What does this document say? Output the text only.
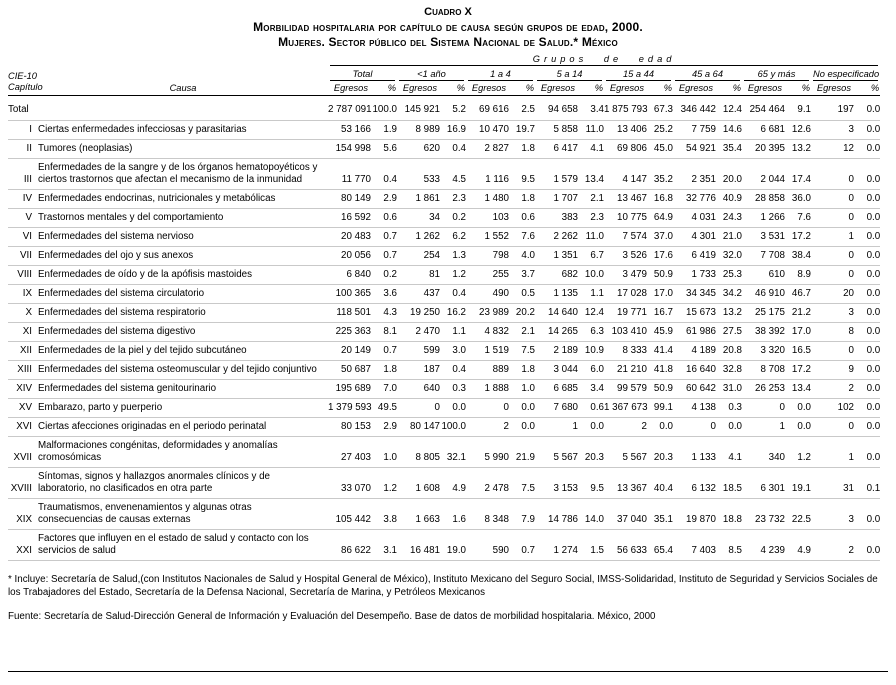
Cuadro X
Morbilidad hospitalaria por capítulo de causa según grupos de edad, 2000.
Mujeres. Sector público del Sistema Nacional de Salud.* México

		Grupos de edad															

CIE-10
Capítulo	Causa	Total		<1 año		1 a 4		5 a 14		15 a 44		45 a 64		65 y más		No especificado	

		Egresos	%	Egresos	%	Egresos	%	Egresos	%	Egresos	%	Egresos	%	Egresos	%	Egresos	%
Total		2 787 091	100.0	145 921	5.2	69 616	2.5	94 658	3.4	1 875 793	67.3	346 442	12.4	254 464	9.1	197	0.0
I	Ciertas enfermedades infecciosas y parasitarias	53 166	1.9	8 989	16.9	10 470	19.7	5 858	11.0	13 406	25.2	7 759	14.6	6 681	12.6	3	0.0
II	Tumores (neoplasias)	154 998	5.6	620	0.4	2 827	1.8	6 417	4.1	69 806	45.0	54 921	35.4	20 395	13.2	12	0.0
III	Enfermedades de la sangre y de los órganos hematopoyéticos y ciertos trastornos que afectan el mecanismo de la inmunidad	11 770	0.4	533	4.5	1 116	9.5	1 579	13.4	4 147	35.2	2 351	20.0	2 044	17.4	0	0.0
IV	Enfermedades endocrinas, nutricionales y metabólicas	80 149	2.9	1 861	2.3	1 480	1.8	1 707	2.1	13 467	16.8	32 776	40.9	28 858	36.0	0	0.0
V	Trastornos mentales y del comportamiento	16 592	0.6	34	0.2	103	0.6	383	2.3	10 775	64.9	4 031	24.3	1 266	7.6	0	0.0
VI	Enfermedades del sistema nervioso	20 483	0.7	1 262	6.2	1 552	7.6	2 262	11.0	7 574	37.0	4 301	21.0	3 531	17.2	1	0.0
VII	Enfermedades del ojo y sus anexos	20 056	0.7	254	1.3	798	4.0	1 351	6.7	3 526	17.6	6 419	32.0	7 708	38.4	0	0.0
VIII	Enfermedades de oído y de la apófisis mastoides	6 840	0.2	81	1.2	255	3.7	682	10.0	3 479	50.9	1 733	25.3	610	8.9	0	0.0
IX	Enfermedades del sistema circulatorio	100 365	3.6	437	0.4	490	0.5	1 135	1.1	17 028	17.0	34 345	34.2	46 910	46.7	20	0.0
X	Enfermedades del sistema respiratorio	118 501	4.3	19 250	16.2	23 989	20.2	14 640	12.4	19 771	16.7	15 673	13.2	25 175	21.2	3	0.0
XI	Enfermedades del sistema digestivo	225 363	8.1	2 470	1.1	4 832	2.1	14 265	6.3	103 410	45.9	61 986	27.5	38 392	17.0	8	0.0
XII	Enfermedades de la piel y del tejido subcutáneo	20 149	0.7	599	3.0	1 519	7.5	2 189	10.9	8 333	41.4	4 189	20.8	3 320	16.5	0	0.0
XIII	Enfermedades del sistema osteomuscular y del tejido conjuntivo	50 687	1.8	187	0.4	889	1.8	3 044	6.0	21 210	41.8	16 640	32.8	8 708	17.2	9	0.0
XIV	Enfermedades del sistema genitourinario	195 689	7.0	640	0.3	1 888	1.0	6 685	3.4	99 579	50.9	60 642	31.0	26 253	13.4	2	0.0
XV	Embarazo, parto y puerperio	1 379 593	49.5	0	0.0	0	0.0	7 680	0.6	1 367 673	99.1	4 138	0.3	0	0.0	102	0.0
XVI	Ciertas afecciones originadas en el periodo perinatal	80 153	2.9	80 147	100.0	2	0.0	1	0.0	2	0.0	0	0.0	1	0.0	0	0.0
XVII	Malformaciones congénitas, deformidades y anomalías cromosómicas	27 403	1.0	8 805	32.1	5 990	21.9	5 567	20.3	5 567	20.3	1 133	4.1	340	1.2	1	0.0
XVIII	Síntomas, signos y hallazgos anormales clínicos y de laboratorio, no clasificados en otra parte	33 070	1.2	1 608	4.9	2 478	7.5	3 153	9.5	13 367	40.4	6 132	18.5	6 301	19.1	31	0.1
XIX	Traumatismos, envenenamientos y algunas otras consecuencias de causas externas	105 442	3.8	1 663	1.6	8 348	7.9	14 786	14.0	37 040	35.1	19 870	18.8	23 732	22.5	3	0.0
XXI	Factores que influyen en el estado de salud y contacto con los servicios de salud	86 622	3.1	16 481	19.0	590	0.7	1 274	1.5	56 633	65.4	7 403	8.5	4 239	4.9	2	0.0
* Incluye: Secretaría de Salud,(con Institutos Nacionales de Salud y Hospital General de México), Instituto Mexicano del Seguro Social, IMSS-Solidaridad, Instituto de Seguridad y Servicios Sociales de los Trabajadores del Estado, Secretaría de la Defensa Nacional, Secretaría de Marina, y Petróleos Mexicanos
Fuente: Secretaría de Salud-Dirección General de Información y Evaluación del Desempeño. Base de datos de morbilidad hospitalaria. México, 2000
